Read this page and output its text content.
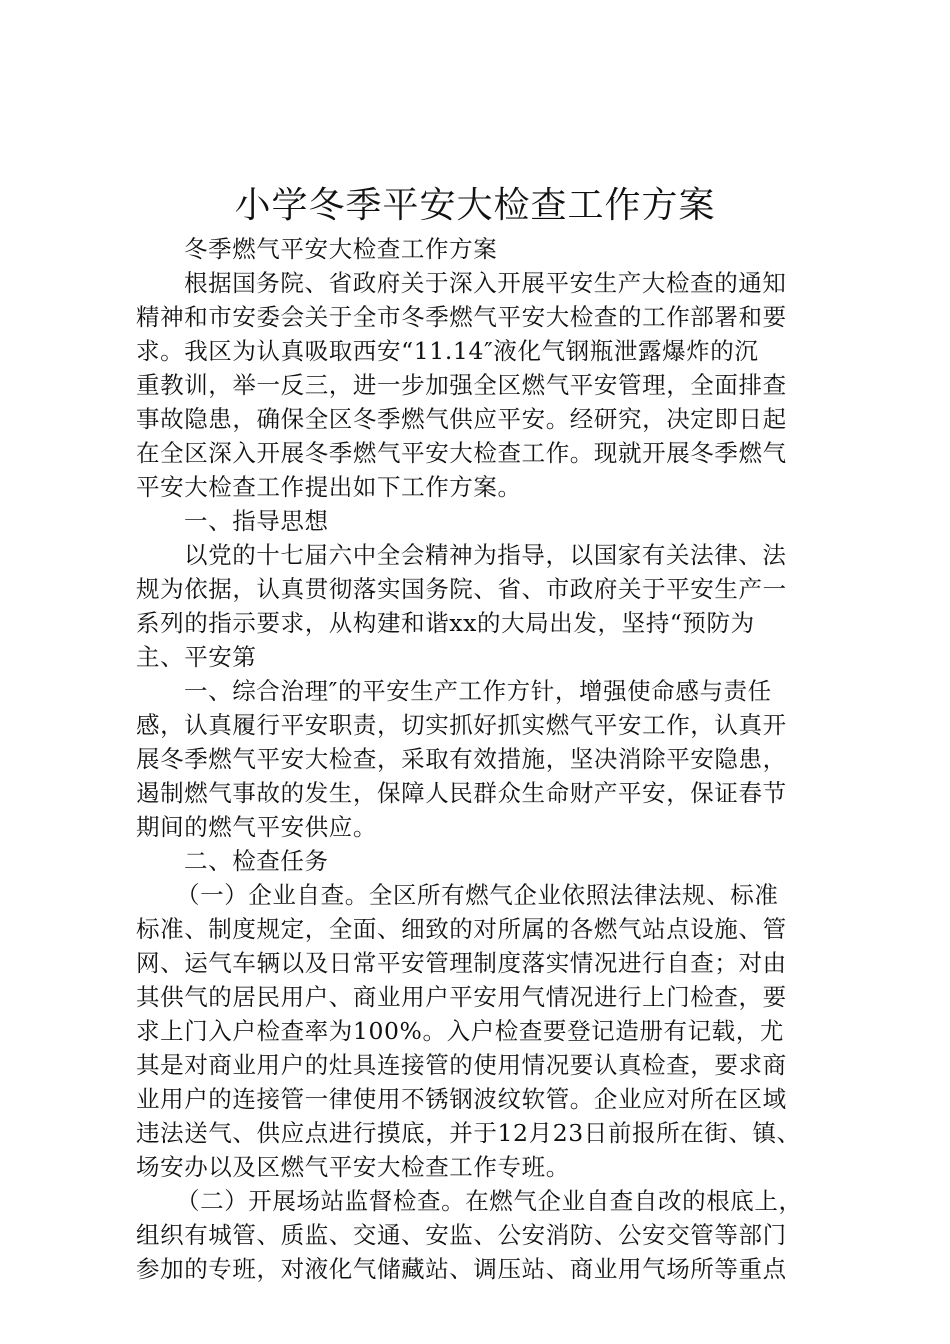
小学冬季平安大检查工作方案
冬季燃气平安大检查工作方案
根据国务院、省政府关于深入开展平安生产大检查的通知
精神和市安委会关于全市冬季燃气平安大检查的工作部署和要
求。我区为认真吸取西安“11.14″液化气钢瓶泄露爆炸的沉
重教训，举一反三，进一步加强全区燃气平安管理，全面排查
事故隐患，确保全区冬季燃气供应平安。经研究，决定即日起
在全区深入开展冬季燃气平安大检查工作。现就开展冬季燃气
平安大检查工作提出如下工作方案。
一、指导思想
以党的十七届六中全会精神为指导，以国家有关法律、法
规为依据，认真贯彻落实国务院、省、市政府关于平安生产一
系列的指示要求，从构建和谐xx的大局出发，坚持“预防为
主、平安第
一、综合治理″的平安生产工作方针，增强使命感与责任
感，认真履行平安职责，切实抓好抓实燃气平安工作，认真开
展冬季燃气平安大检查，采取有效措施，坚决消除平安隐患，
遏制燃气事故的发生，保障人民群众生命财产平安，保证春节
期间的燃气平安供应。
二、检查任务
（一）企业自查。全区所有燃气企业依照法律法规、标准
标准、制度规定，全面、细致的对所属的各燃气站点设施、管
网、运气车辆以及日常平安管理制度落实情况进行自查；对由
其供气的居民用户、商业用户平安用气情况进行上门检查，要
求上门入户检查率为100%。入户检查要登记造册有记载，尤
其是对商业用户的灶具连接管的使用情况要认真检查，要求商
业用户的连接管一律使用不锈钢波纹软管。企业应对所在区域
违法送气、供应点进行摸底，并于12月23日前报所在街、镇、
场安办以及区燃气平安大检查工作专班。
（二）开展场站监督检查。在燃气企业自查自改的根底上，
组织有城管、质监、交通、安监、公安消防、公安交管等部门
参加的专班，对液化气储藏站、调压站、商业用气场所等重点
